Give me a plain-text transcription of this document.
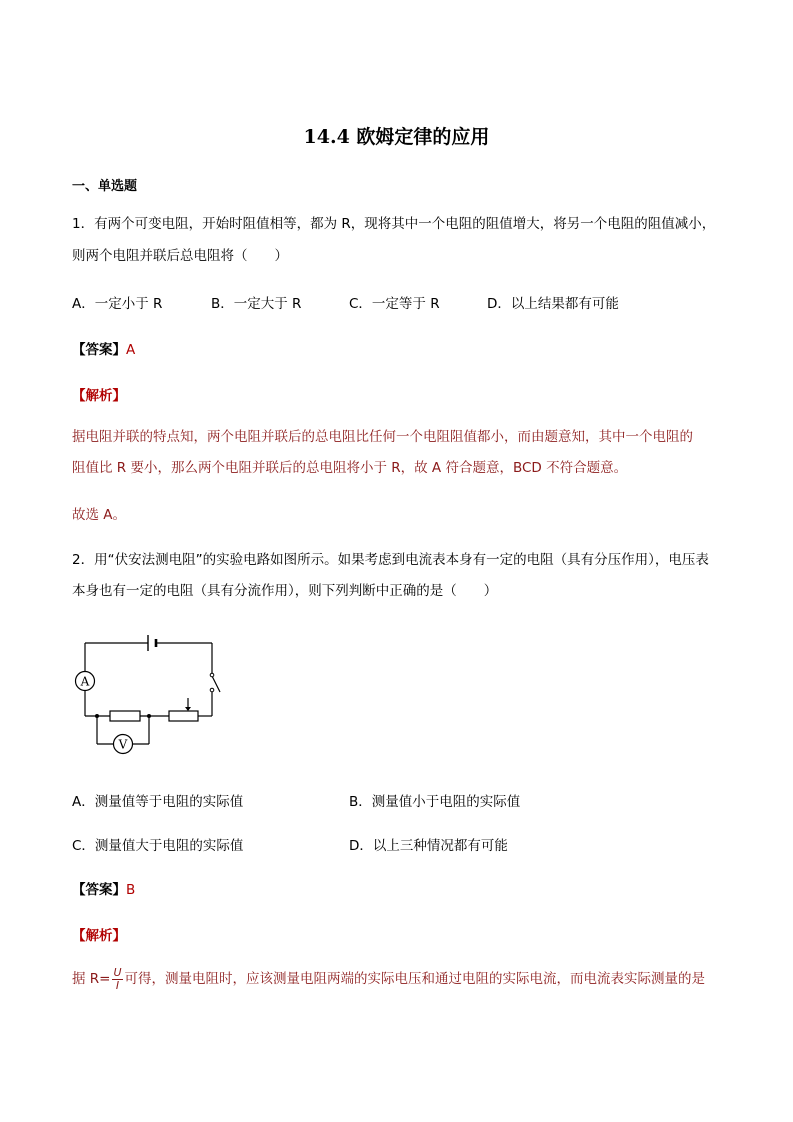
14.4 欧姆定律的应用
一、单选题
1．有两个可变电阻，开始时阻值相等，都为 R，现将其中一个电阻的阻值增大，将另一个电阻的阻值减小，
则两个电阻并联后总电阻将（　　）
A．一定小于 R	B．一定大于 R	C．一定等于 R	D．以上结果都有可能
【答案】A
【解析】
据电阻并联的特点知，两个电阻并联后的总电阻比任何一个电阻阻值都小，而由题意知，其中一个电阻的
阻值比 R 要小，那么两个电阻并联后的总电阻将小于 R，故 A 符合题意，BCD 不符合题意。
故选 A。
2．用“伏安法测电阻”的实验电路如图所示。如果考虑到电流表本身有一定的电阻（具有分压作用），电压表
本身也有一定的电阻（具有分流作用），则下列判断中正确的是（　　）
A
V
A．测量值等于电阻的实际值	B．测量值小于电阻的实际值
C．测量值大于电阻的实际值	D．以上三种情况都有可能
【答案】B
【解析】
据 $R= \frac{U}{I}$ 可得，测量电阻时，应该测量电阻两端的实际电压和通过电阻的实际电流，而电流表实际测量的是
